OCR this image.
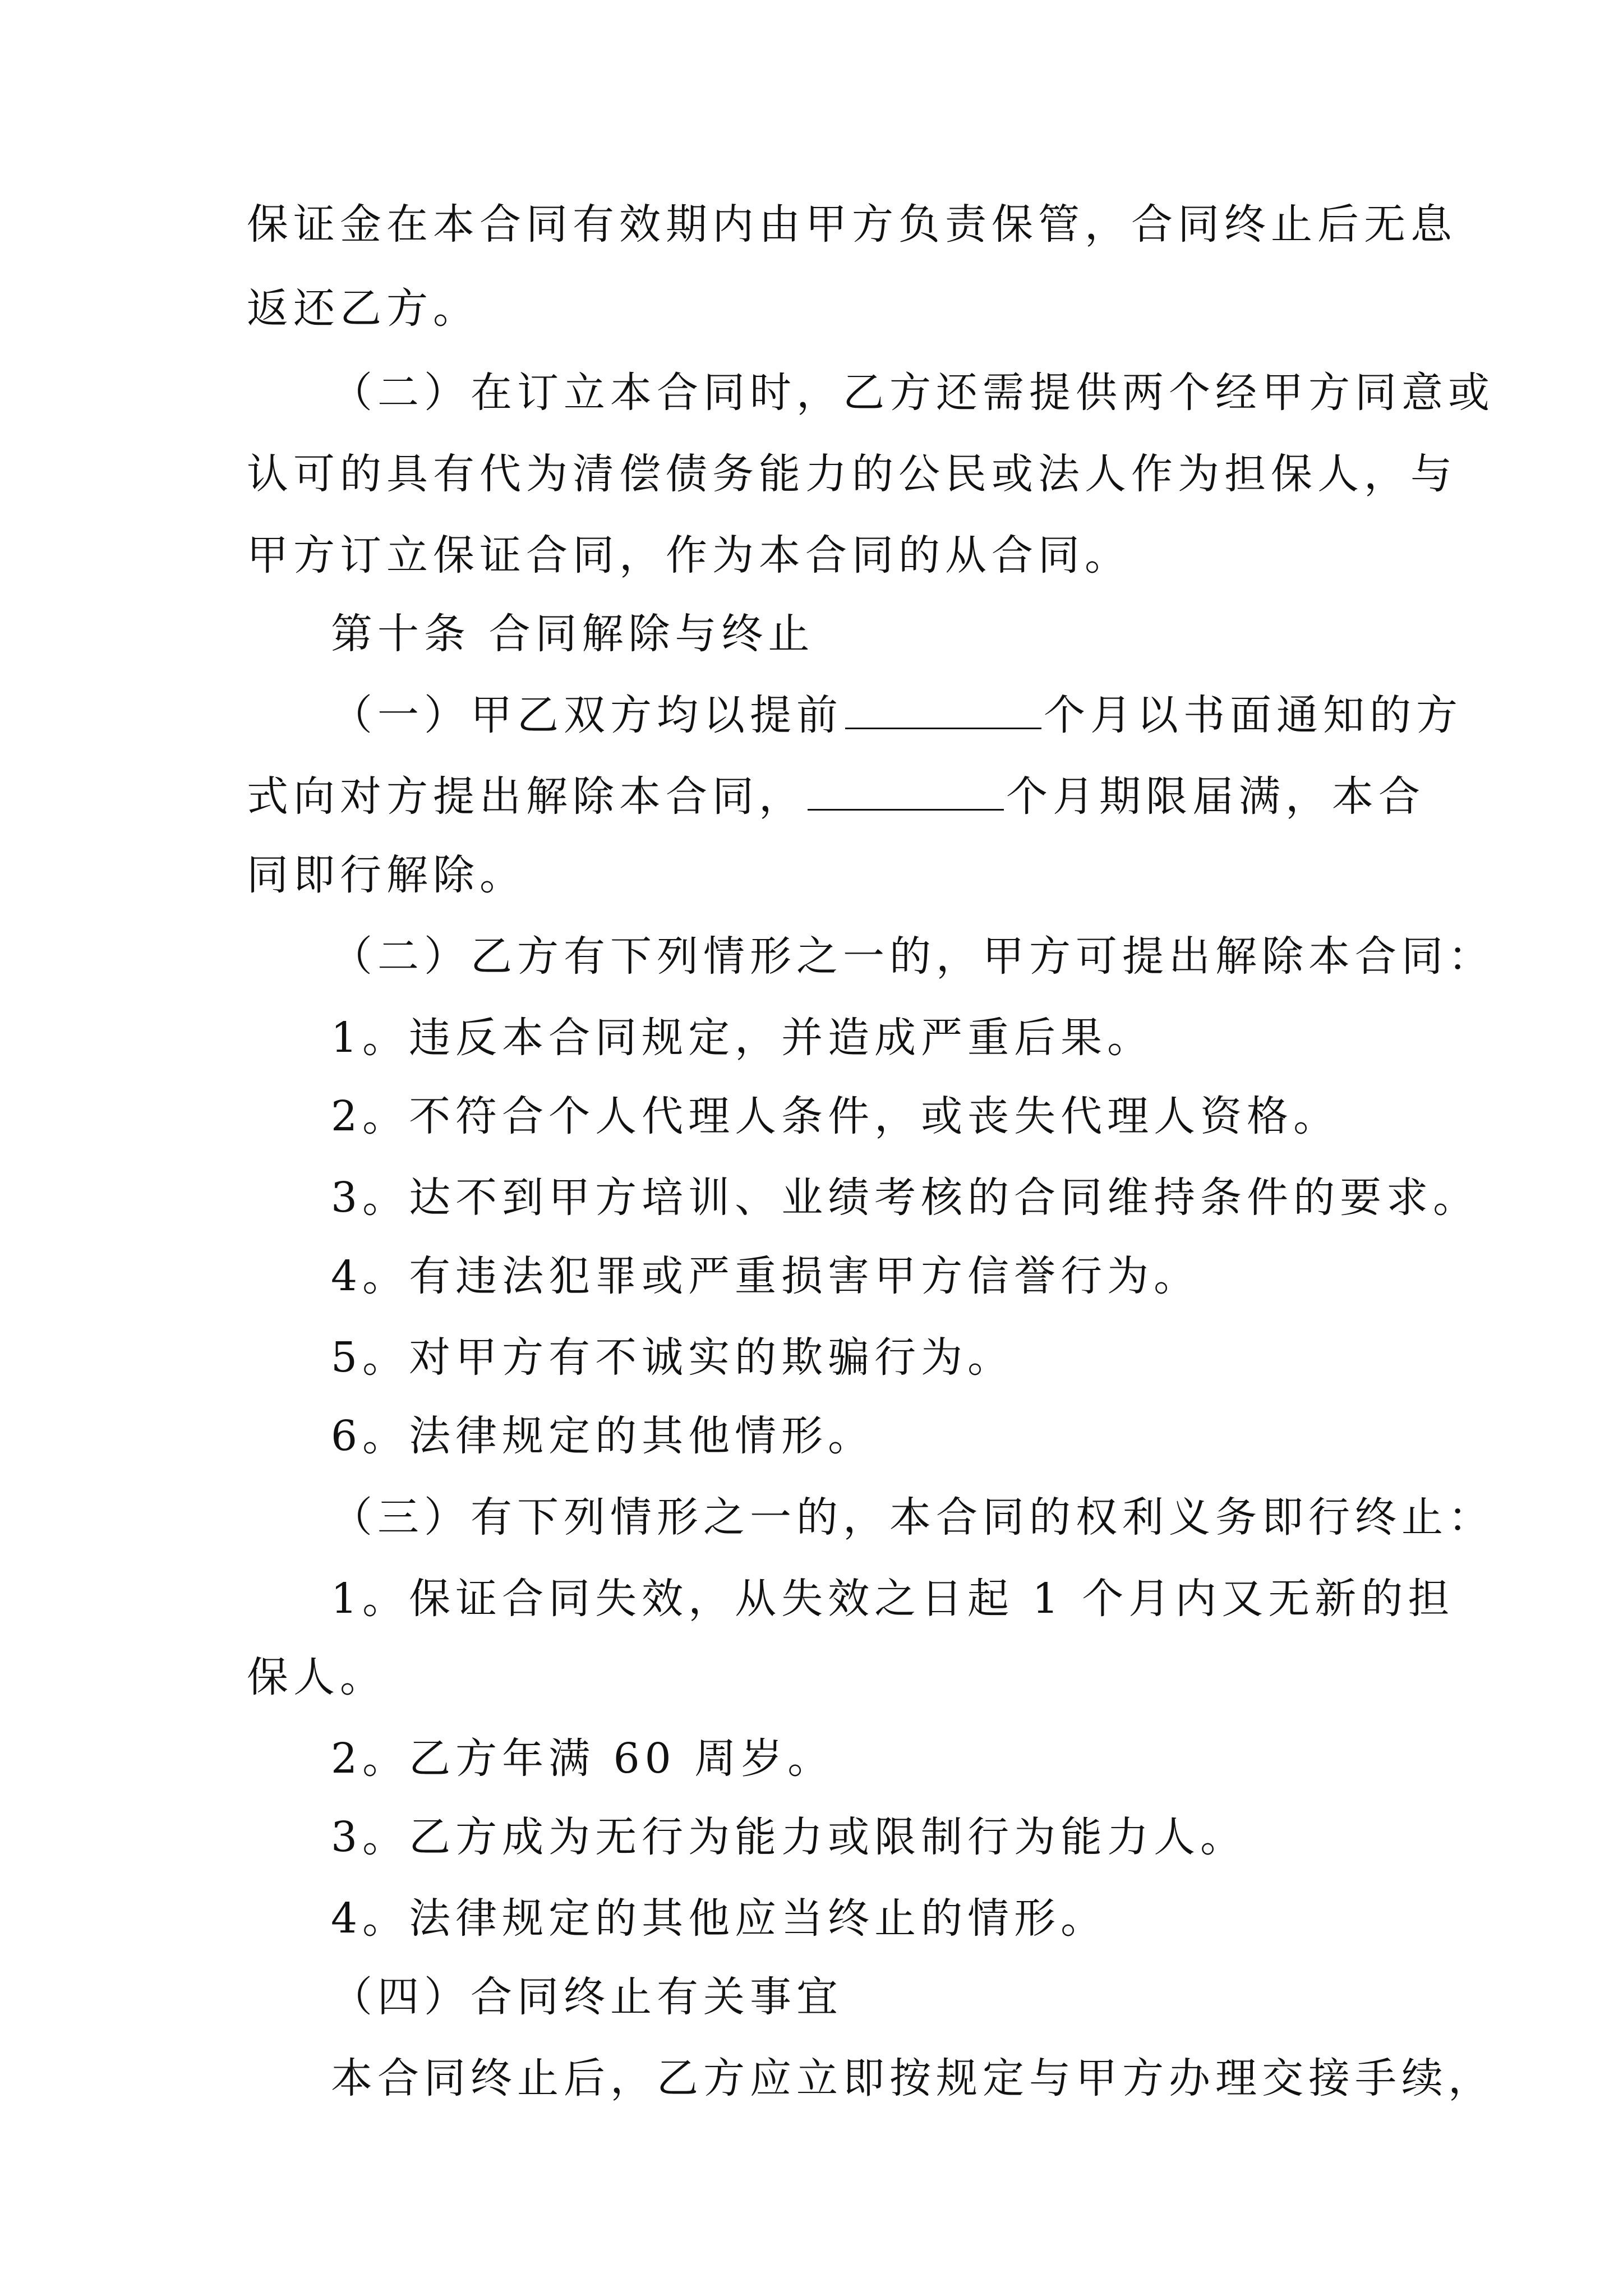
保证金在本合同有效期内由甲方负责保管，合同终止后无息
返还乙方。
（二）在订立本合同时，乙方还需提供两个经甲方同意或
认可的具有代为清偿债务能力的公民或法人作为担保人，与
甲方订立保证合同，作为本合同的从合同。
第十条 合同解除与终止
（一）甲乙双方均以提前	个月以书面通知的方
式向对方提出解除本合同，	个月期限届满，本合
同即行解除。
（二）乙方有下列情形之一的，甲方可提出解除本合同：
1。违反本合同规定，并造成严重后果。
2。不符合个人代理人条件，或丧失代理人资格。
3。达不到甲方培训、业绩考核的合同维持条件的要求。
4。有违法犯罪或严重损害甲方信誉行为。
5。对甲方有不诚实的欺骗行为。
6。法律规定的其他情形。
（三）有下列情形之一的，本合同的权利义务即行终止：
1。保证合同失效，从失效之日起 1 个月内又无新的担
保人。
2。乙方年满 60 周岁。
3。乙方成为无行为能力或限制行为能力人。
4。法律规定的其他应当终止的情形。
（四）合同终止有关事宜
本合同终止后，乙方应立即按规定与甲方办理交接手续，
